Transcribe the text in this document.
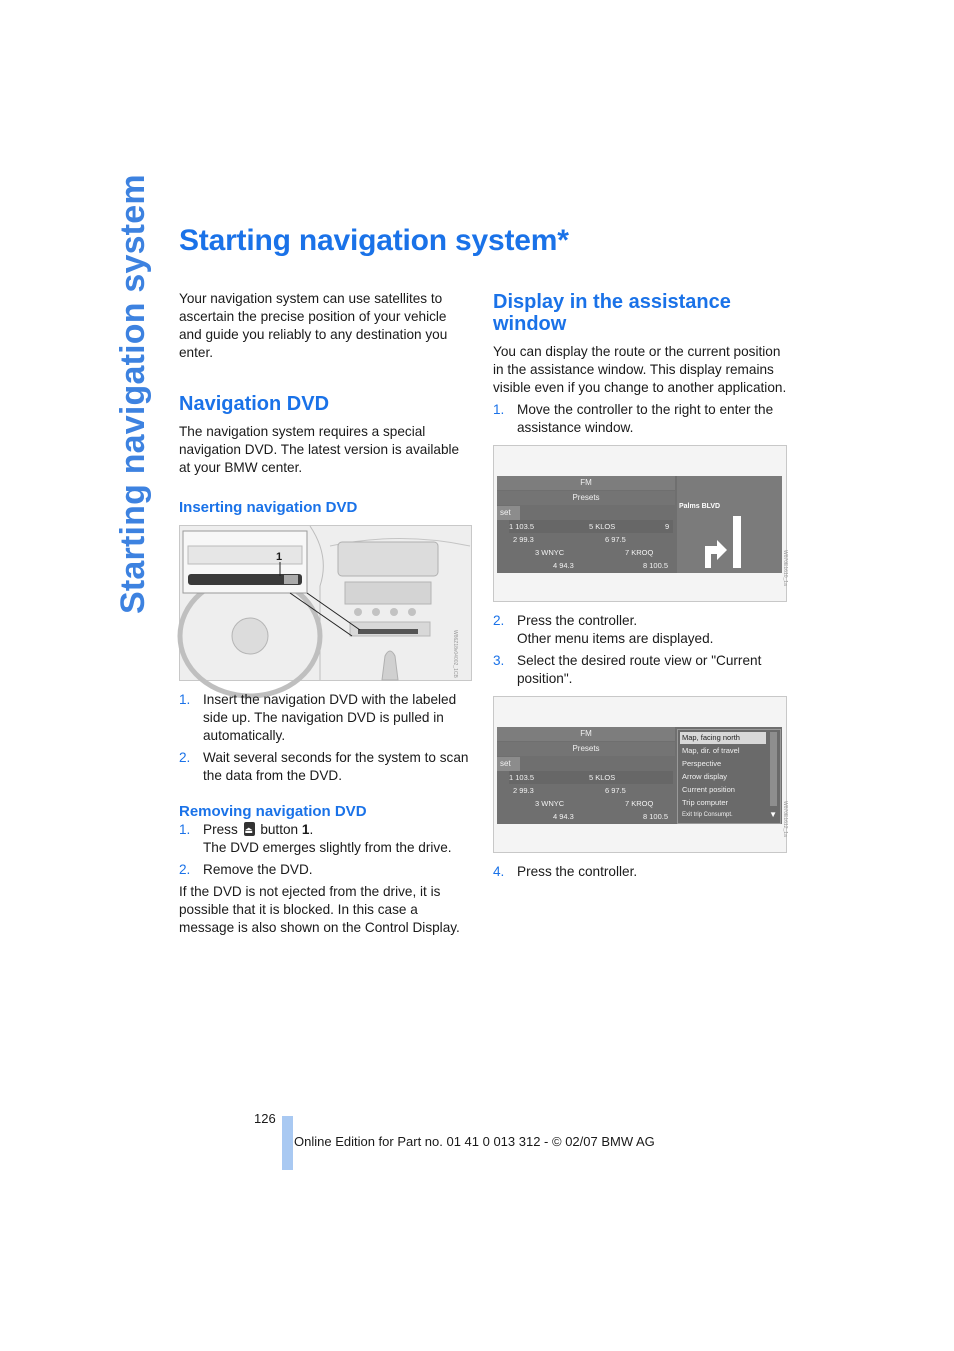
Starting navigation system Starting navigation system*

Your navigation system can use satellites to ascertain the precise position of your vehicle and guide you reliably to any destination you enter.

Navigation DVD

The navigation system requires a special navigation DVD. The latest version is available at your BMW center.

Inserting navigation DVD
1
W86Z18v04002_1CB
1. Insert the navigation DVD with the labeled side up. The navigation DVD is pulled in automatically.
2. Wait several seconds for the system to scan the data from the DVD.
Removing navigation DVD
1. Press ⏏ button 1.
The DVD emerges slightly from the drive.
2. Remove the DVD.

If the DVD is not ejected from the drive, it is possible that it is blocked. In this case a message is also shown on the Control Display.

Display in the assistance window

You can display the route or the current position in the assistance window. This display remains visible even if you change to another application.

1. Move the controller to the right to enter the assistance window.
FM
Presets
set
1 103.5	5 KLOS	9
2 99.3	6 97.5
3 WNYC	7 KROQ
4 94.3	8 100.5
Palms BLVD
W870E1610_1a
2. Press the controller.
Other menu items are displayed.
3. Select the desired route view or "Current position".
FM
Presets
set
1 103.5	5 KLOS
2 99.3	6 97.5
3 WNYC	7 KROQ
4 94.3	8 100.5
Map, facing north
Map, dir. of travel
Perspective
Arrow display
Current position
Trip computer
Exit trip Consumpt.	▼	W870E1612_1a
4. Press the controller.
126
Online Edition for Part no. 01 41 0 013 312 - © 02/07 BMW AG
